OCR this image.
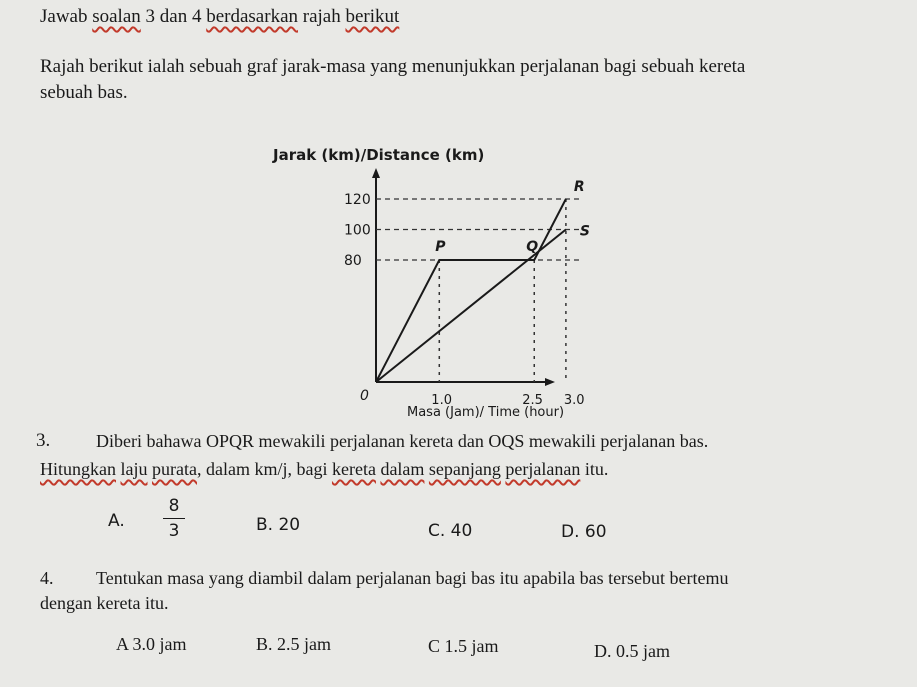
Jawab soalan 3 dan 4 berdasarkan rajah berikut
Rajah berikut ialah sebuah graf jarak-masa yang menunjukkan perjalanan bagi sebuah kereta
sebuah bas.
Jarak (km)/Distance (km)
80
100
120
1.0	2.5 3.0
0
P	Q
R
S
Masa (Jam)/ Time (hour)
3.	Diberi bahawa OPQR mewakili perjalanan kereta dan OQS mewakili perjalanan bas.
Hitungkan laju purata, dalam km/j, bagi kereta dalam sepanjang perjalanan itu.
A.
8
3	B. 20	C. 40	D. 60
4. Tentukan masa yang diambil dalam perjalanan bagi bas itu apabila bas tersebut bertemu
dengan kereta itu.
A 3.0 jam	B. 2.5 jam	C 1.5 jam	D. 0.5 jam
